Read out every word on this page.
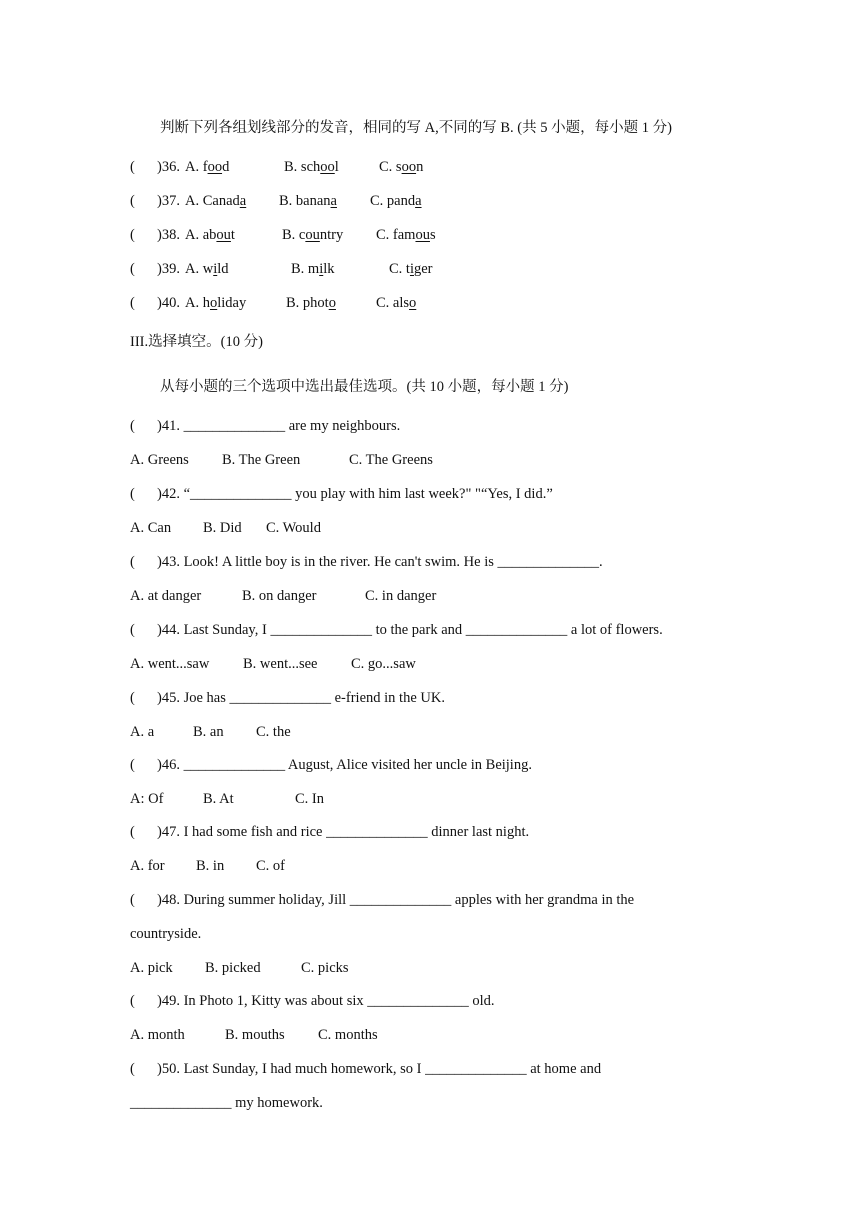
判断下列各组划线部分的发音，相同的写 A,不同的写 B. (共 5 小题，每小题 1 分)
( )36. A. food	B. school	C. soon
( )37. A. Canada B. banana C. panda
( )38. A. about	B. country C. famous
( )39. A. wild	B. milk	C. tiger
( )40. A. holiday	B. photo	C. also
III.选择填空。(10 分)
从每小题的三个选项中选出最佳选项。(共 10 小题，每小题 1 分)
( )41. ______________ are my neighbours.
A. Greens B. The Green	C. The Greens
( )42. “______________ you play with him last week?" "“Yes, I did.”
A. Can B. Did C. Would
( )43. Look! A little boy is in the river. He can't swim. He is ______________.
A. at danger	B. on danger	C. in danger
( )44. Last Sunday, I ______________ to the park and ______________ a lot of flowers.
A. went...saw B. went...see C. go...saw
( )45. Joe has ______________ e-friend in the UK.
A. a	B. an C. the
( )46. ______________ August, Alice visited her uncle in Beijing.
A: Of	B. At	C. In
( )47. I had some fish and rice ______________ dinner last night.
A. for B. in C. of
( )48. During summer holiday, Jill ______________ apples with her grandma in the
countryside.
A. pick B. picked	C. picks
( )49. In Photo 1, Kitty was about six ______________ old.
A. month	B. mouths C. months
( )50. Last Sunday, I had much homework, so I ______________ at home and
______________ my homework.
